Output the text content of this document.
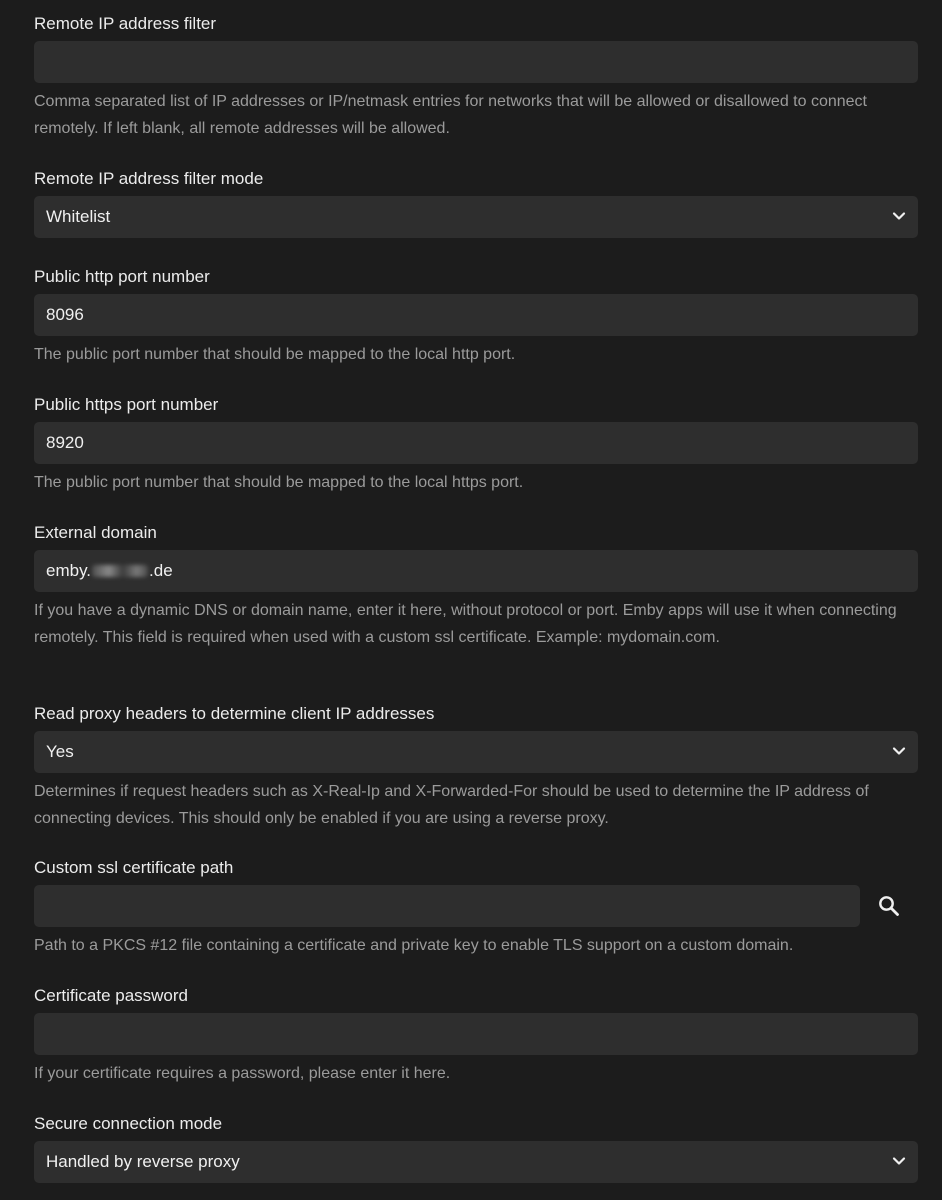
Remote IP address filter
Comma separated list of IP addresses or IP/netmask entries for networks that will be allowed or disallowed to connect remotely. If left blank, all remote addresses will be allowed.
Remote IP address filter mode
Whitelist
Public http port number
8096
The public port number that should be mapped to the local http port.
Public https port number
8920
The public port number that should be mapped to the local https port.
External domain
emby.	.de
If you have a dynamic DNS or domain name, enter it here, without protocol or port. Emby apps will use it when connecting remotely. This field is required when used with a custom ssl certificate. Example: mydomain.com.
Read proxy headers to determine client IP addresses
Yes
Determines if request headers such as X-Real-Ip and X-Forwarded-For should be used to determine the IP address of connecting devices. This should only be enabled if you are using a reverse proxy.
Custom ssl certificate path
Path to a PKCS #12 file containing a certificate and private key to enable TLS support on a custom domain.
Certificate password
If your certificate requires a password, please enter it here.
Secure connection mode
Handled by reverse proxy
